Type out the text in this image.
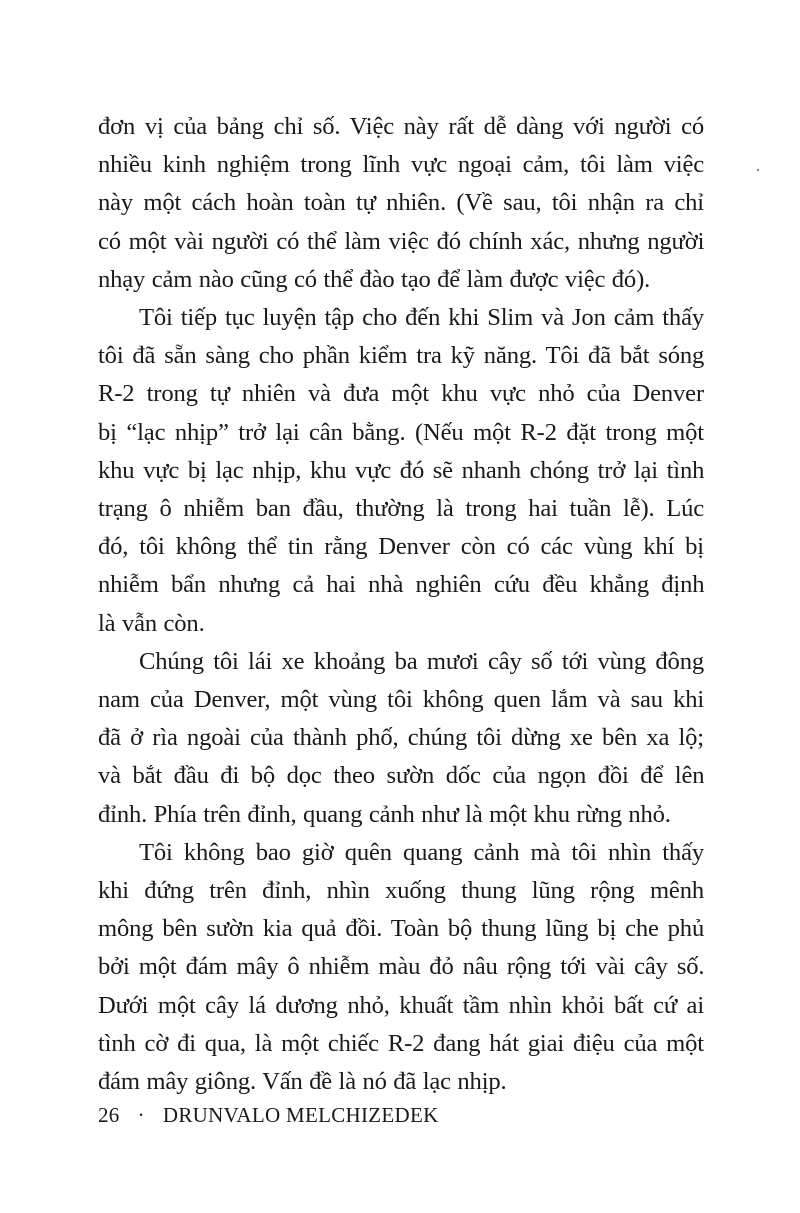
đơn vị của bảng chỉ số. Việc này rất dễ dàng với người có
nhiều kinh nghiệm trong lĩnh vực ngoại cảm, tôi làm việc
này một cách hoàn toàn tự nhiên. (Về sau, tôi nhận ra chỉ
có một vài người có thể làm việc đó chính xác, nhưng người
nhạy cảm nào cũng có thể đào tạo để làm được việc đó).

Tôi tiếp tục luyện tập cho đến khi Slim và Jon cảm thấy
tôi đã sẵn sàng cho phần kiểm tra kỹ năng. Tôi đã bắt sóng
R-2 trong tự nhiên và đưa một khu vực nhỏ của Denver
bị “lạc nhịp” trở lại cân bằng. (Nếu một R-2 đặt trong một
khu vực bị lạc nhịp, khu vực đó sẽ nhanh chóng trở lại tình
trạng ô nhiễm ban đầu, thường là trong hai tuần lễ). Lúc
đó, tôi không thể tin rằng Denver còn có các vùng khí bị
nhiễm bẩn nhưng cả hai nhà nghiên cứu đều khẳng định
là vẫn còn.

Chúng tôi lái xe khoảng ba mươi cây số tới vùng đông
nam của Denver, một vùng tôi không quen lắm và sau khi
đã ở rìa ngoài của thành phố, chúng tôi dừng xe bên xa lộ;
và bắt đầu đi bộ dọc theo sườn dốc của ngọn đồi để lên
đỉnh. Phía trên đỉnh, quang cảnh như là một khu rừng nhỏ.

Tôi không bao giờ quên quang cảnh mà tôi nhìn thấy
khi đứng trên đỉnh, nhìn xuống thung lũng rộng mênh
mông bên sườn kia quả đồi. Toàn bộ thung lũng bị che phủ
bởi một đám mây ô nhiễm màu đỏ nâu rộng tới vài cây số.
Dưới một cây lá dương nhỏ, khuất tầm nhìn khỏi bất cứ ai
tình cờ đi qua, là một chiếc R-2 đang hát giai điệu của một
đám mây giông. Vấn đề là nó đã lạc nhịp.

26 · DRUNVALO MELCHIZEDEK
